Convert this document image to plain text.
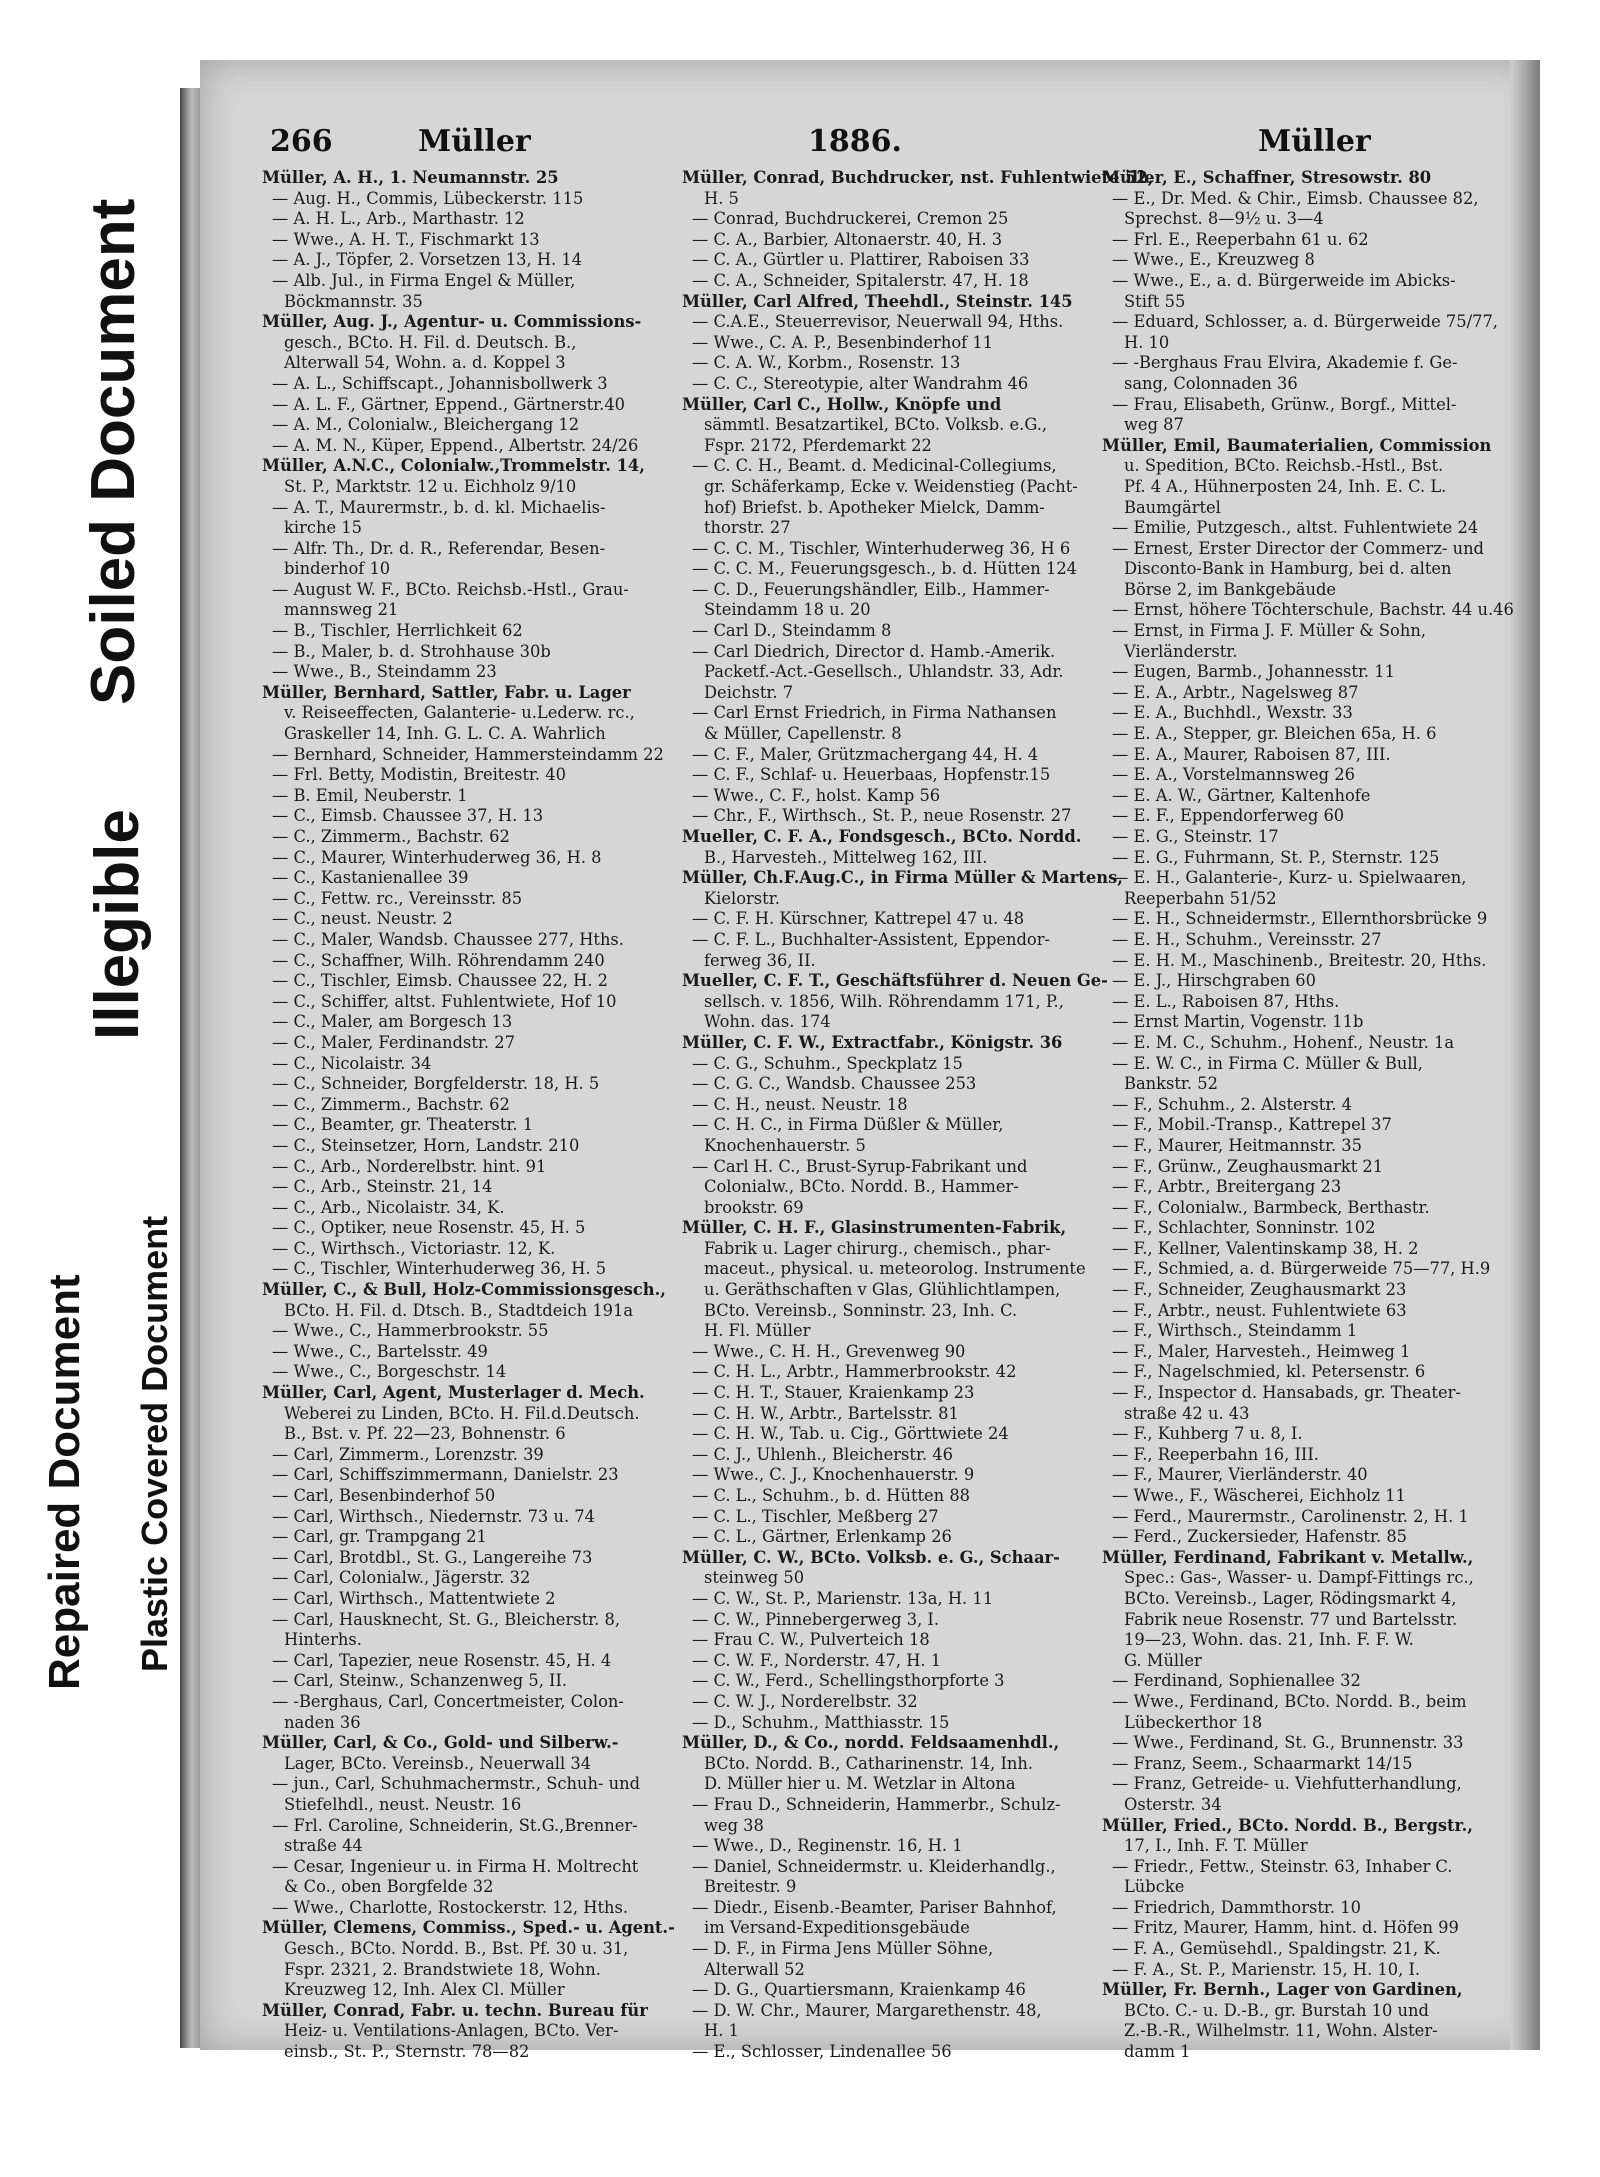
Soiled Document
Illegible
Repaired Document Plastic Covered Document
266	Müller	1886.	Müller
Müller, A. H., 1. Neumannstr. 25
— Aug. H., Commis, Lübeckerstr. 115
— A. H. L., Arb., Marthastr. 12
— Wwe., A. H. T., Fischmarkt 13
— A. J., Töpfer, 2. Vorsetzen 13, H. 14
— Alb. Jul., in Firma Engel & Müller,
Böckmannstr. 35
Müller, Aug. J., Agentur- u. Commissions-
gesch., BCto. H. Fil. d. Deutsch. B.,
Alterwall 54, Wohn. a. d. Koppel 3
— A. L., Schiffscapt., Johannisbollwerk 3
— A. L. F., Gärtner, Eppend., Gärtnerstr.40
— A. M., Colonialw., Bleichergang 12
— A. M. N., Küper, Eppend., Albertstr. 24/26
Müller, A.N.C., Colonialw.,Trommelstr. 14,
St. P., Marktstr. 12 u. Eichholz 9/10
— A. T., Maurermstr., b. d. kl. Michaelis-
kirche 15
— Alfr. Th., Dr. d. R., Referendar, Besen-
binderhof 10
— August W. F., BCto. Reichsb.-Hstl., Grau-
mannsweg 21
— B., Tischler, Herrlichkeit 62
— B., Maler, b. d. Strohhause 30b
— Wwe., B., Steindamm 23
Müller, Bernhard, Sattler, Fabr. u. Lager
v. Reiseeffecten, Galanterie- u.Lederw. rc.,
Graskeller 14, Inh. G. L. C. A. Wahrlich
— Bernhard, Schneider, Hammersteindamm 22
— Frl. Betty, Modistin, Breitestr. 40
— B. Emil, Neuberstr. 1
— C., Eimsb. Chaussee 37, H. 13
— C., Zimmerm., Bachstr. 62
— C., Maurer, Winterhuderweg 36, H. 8
— C., Kastanienallee 39
— C., Fettw. rc., Vereinsstr. 85
— C., neust. Neustr. 2
— C., Maler, Wandsb. Chaussee 277, Hths.
— C., Schaffner, Wilh. Röhrendamm 240
— C., Tischler, Eimsb. Chaussee 22, H. 2
— C., Schiffer, altst. Fuhlentwiete, Hof 10
— C., Maler, am Borgesch 13
— C., Maler, Ferdinandstr. 27
— C., Nicolaistr. 34
— C., Schneider, Borgfelderstr. 18, H. 5
— C., Zimmerm., Bachstr. 62
— C., Beamter, gr. Theaterstr. 1
— C., Steinsetzer, Horn, Landstr. 210
— C., Arb., Norderelbstr. hint. 91
— C., Arb., Steinstr. 21, 14
— C., Arb., Nicolaistr. 34, K.
— C., Optiker, neue Rosenstr. 45, H. 5
— C., Wirthsch., Victoriastr. 12, K.
— C., Tischler, Winterhuderweg 36, H. 5
Müller, C., & Bull, Holz-Commissionsgesch.,
BCto. H. Fil. d. Dtsch. B., Stadtdeich 191a
— Wwe., C., Hammerbrookstr. 55
— Wwe., C., Bartelsstr. 49
— Wwe., C., Borgeschstr. 14
Müller, Carl, Agent, Musterlager d. Mech.
Weberei zu Linden, BCto. H. Fil.d.Deutsch.
B., Bst. v. Pf. 22—23, Bohnenstr. 6
— Carl, Zimmerm., Lorenzstr. 39
— Carl, Schiffszimmermann, Danielstr. 23
— Carl, Besenbinderhof 50
— Carl, Wirthsch., Niedernstr. 73 u. 74
— Carl, gr. Trampgang 21
— Carl, Brotdbl., St. G., Langereihe 73
— Carl, Colonialw., Jägerstr. 32
— Carl, Wirthsch., Mattentwiete 2
— Carl, Hausknecht, St. G., Bleicherstr. 8,
Hinterhs.
— Carl, Tapezier, neue Rosenstr. 45, H. 4
— Carl, Steinw., Schanzenweg 5, II.
— -Berghaus, Carl, Concertmeister, Colon-
naden 36
Müller, Carl, & Co., Gold- und Silberw.-
Lager, BCto. Vereinsb., Neuerwall 34
— jun., Carl, Schuhmachermstr., Schuh- und
Stiefelhdl., neust. Neustr. 16
— Frl. Caroline, Schneiderin, St.G.,Brenner-
straße 44
— Cesar, Ingenieur u. in Firma H. Moltrecht
& Co., oben Borgfelde 32
— Wwe., Charlotte, Rostockerstr. 12, Hths.
Müller, Clemens, Commiss., Sped.- u. Agent.-
Gesch., BCto. Nordd. B., Bst. Pf. 30 u. 31,
Fspr. 2321, 2. Brandstwiete 18, Wohn.
Kreuzweg 12, Inh. Alex Cl. Müller
Müller, Conrad, Fabr. u. techn. Bureau für
Heiz- u. Ventilations-Anlagen, BCto. Ver-
einsb., St. P., Sternstr. 78—82
Müller, Conrad, Buchdrucker, nst. Fuhlentwiete 52,
H. 5
— Conrad, Buchdruckerei, Cremon 25
— C. A., Barbier, Altonaerstr. 40, H. 3
— C. A., Gürtler u. Plattirer, Raboisen 33
— C. A., Schneider, Spitalerstr. 47, H. 18
Müller, Carl Alfred, Theehdl., Steinstr. 145
— C.A.E., Steuerrevisor, Neuerwall 94, Hths.
— Wwe., C. A. P., Besenbinderhof 11
— C. A. W., Korbm., Rosenstr. 13
— C. C., Stereotypie, alter Wandrahm 46
Müller, Carl C., Hollw., Knöpfe und
sämmtl. Besatzartikel, BCto. Volksb. e.G.,
Fspr. 2172, Pferdemarkt 22
— C. C. H., Beamt. d. Medicinal-Collegiums,
gr. Schäferkamp, Ecke v. Weidenstieg (Pacht-
hof) Briefst. b. Apotheker Mielck, Damm-
thorstr. 27
— C. C. M., Tischler, Winterhuderweg 36, H 6
— C. C. M., Feuerungsgesch., b. d. Hütten 124
— C. D., Feuerungshändler, Eilb., Hammer-
Steindamm 18 u. 20
— Carl D., Steindamm 8
— Carl Diedrich, Director d. Hamb.-Amerik.
Packetf.-Act.-Gesellsch., Uhlandstr. 33, Adr.
Deichstr. 7
— Carl Ernst Friedrich, in Firma Nathansen
& Müller, Capellenstr. 8
— C. F., Maler, Grützmachergang 44, H. 4
— C. F., Schlaf- u. Heuerbaas, Hopfenstr.15
— Wwe., C. F., holst. Kamp 56
— Chr., F., Wirthsch., St. P., neue Rosenstr. 27
Mueller, C. F. A., Fondsgesch., BCto. Nordd.
B., Harvesteh., Mittelweg 162, III.
Müller, Ch.F.Aug.C., in Firma Müller & Martens,
Kielorstr.
— C. F. H. Kürschner, Kattrepel 47 u. 48
— C. F. L., Buchhalter-Assistent, Eppendor-
ferweg 36, II.
Mueller, C. F. T., Geschäftsführer d. Neuen Ge-
sellsch. v. 1856, Wilh. Röhrendamm 171, P.,
Wohn. das. 174
Müller, C. F. W., Extractfabr., Königstr. 36
— C. G., Schuhm., Speckplatz 15
— C. G. C., Wandsb. Chaussee 253
— C. H., neust. Neustr. 18
— C. H. C., in Firma Düßler & Müller,
Knochenhauerstr. 5
— Carl H. C., Brust-Syrup-Fabrikant und
Colonialw., BCto. Nordd. B., Hammer-
brookstr. 69
Müller, C. H. F., Glasinstrumenten-Fabrik,
Fabrik u. Lager chirurg., chemisch., phar-
maceut., physical. u. meteorolog. Instrumente
u. Geräthschaften v Glas, Glühlichtlampen,
BCto. Vereinsb., Sonninstr. 23, Inh. C.
H. Fl. Müller
— Wwe., C. H. H., Grevenweg 90
— C. H. L., Arbtr., Hammerbrookstr. 42
— C. H. T., Stauer, Kraienkamp 23
— C. H. W., Arbtr., Bartelsstr. 81
— C. H. W., Tab. u. Cig., Görttwiete 24
— C. J., Uhlenh., Bleicherstr. 46
— Wwe., C. J., Knochenhauerstr. 9
— C. L., Schuhm., b. d. Hütten 88
— C. L., Tischler, Meßberg 27
— C. L., Gärtner, Erlenkamp 26
Müller, C. W., BCto. Volksb. e. G., Schaar-
steinweg 50
— C. W., St. P., Marienstr. 13a, H. 11
— C. W., Pinnebergerweg 3, I.
— Frau C. W., Pulverteich 18
— C. W. F., Norderstr. 47, H. 1
— C. W., Ferd., Schellingsthorpforte 3
— C. W. J., Norderelbstr. 32
— D., Schuhm., Matthiasstr. 15
Müller, D., & Co., nordd. Feldsaamenhdl.,
BCto. Nordd. B., Catharinenstr. 14, Inh.
D. Müller hier u. M. Wetzlar in Altona
— Frau D., Schneiderin, Hammerbr., Schulz-
weg 38
— Wwe., D., Reginenstr. 16, H. 1
— Daniel, Schneidermstr. u. Kleiderhandlg.,
Breitestr. 9
— Diedr., Eisenb.-Beamter, Pariser Bahnhof,
im Versand-Expeditionsgebäude
— D. F., in Firma Jens Müller Söhne,
Alterwall 52
— D. G., Quartiersmann, Kraienkamp 46
— D. W. Chr., Maurer, Margarethenstr. 48,
H. 1
— E., Schlosser, Lindenallee 56
Müller, E., Schaffner, Stresowstr. 80
— E., Dr. Med. & Chir., Eimsb. Chaussee 82,
Sprechst. 8—9½ u. 3—4
— Frl. E., Reeperbahn 61 u. 62
— Wwe., E., Kreuzweg 8
— Wwe., E., a. d. Bürgerweide im Abicks-
Stift 55
— Eduard, Schlosser, a. d. Bürgerweide 75/77,
H. 10
— -Berghaus Frau Elvira, Akademie f. Ge-
sang, Colonnaden 36
— Frau, Elisabeth, Grünw., Borgf., Mittel-
weg 87
Müller, Emil, Baumaterialien, Commission
u. Spedition, BCto. Reichsb.-Hstl., Bst.
Pf. 4 A., Hühnerposten 24, Inh. E. C. L.
Baumgärtel
— Emilie, Putzgesch., altst. Fuhlentwiete 24
— Ernest, Erster Director der Commerz- und
Disconto-Bank in Hamburg, bei d. alten
Börse 2, im Bankgebäude
— Ernst, höhere Töchterschule, Bachstr. 44 u.46
— Ernst, in Firma J. F. Müller & Sohn,
Vierländerstr.
— Eugen, Barmb., Johannesstr. 11
— E. A., Arbtr., Nagelsweg 87
— E. A., Buchhdl., Wexstr. 33
— E. A., Stepper, gr. Bleichen 65a, H. 6
— E. A., Maurer, Raboisen 87, III.
— E. A., Vorstelmannsweg 26
— E. A. W., Gärtner, Kaltenhofe
— E. F., Eppendorferweg 60
— E. G., Steinstr. 17
— E. G., Fuhrmann, St. P., Sternstr. 125
— E. H., Galanterie-, Kurz- u. Spielwaaren,
Reeperbahn 51/52
— E. H., Schneidermstr., Ellernthorsbrücke 9
— E. H., Schuhm., Vereinsstr. 27
— E. H. M., Maschinenb., Breitestr. 20, Hths.
— E. J., Hirschgraben 60
— E. L., Raboisen 87, Hths.
— Ernst Martin, Vogenstr. 11b
— E. M. C., Schuhm., Hohenf., Neustr. 1a
— E. W. C., in Firma C. Müller & Bull,
Bankstr. 52
— F., Schuhm., 2. Alsterstr. 4
— F., Mobil.-Transp., Kattrepel 37
— F., Maurer, Heitmannstr. 35
— F., Grünw., Zeughausmarkt 21
— F., Arbtr., Breitergang 23
— F., Colonialw., Barmbeck, Berthastr.
— F., Schlachter, Sonninstr. 102
— F., Kellner, Valentinskamp 38, H. 2
— F., Schmied, a. d. Bürgerweide 75—77, H.9
— F., Schneider, Zeughausmarkt 23
— F., Arbtr., neust. Fuhlentwiete 63
— F., Wirthsch., Steindamm 1
— F., Maler, Harvesteh., Heimweg 1
— F., Nagelschmied, kl. Petersenstr. 6
— F., Inspector d. Hansabads, gr. Theater-
straße 42 u. 43
— F., Kuhberg 7 u. 8, I.
— F., Reeperbahn 16, III.
— F., Maurer, Vierländerstr. 40
— Wwe., F., Wäscherei, Eichholz 11
— Ferd., Maurermstr., Carolinenstr. 2, H. 1
— Ferd., Zuckersieder, Hafenstr. 85
Müller, Ferdinand, Fabrikant v. Metallw.,
Spec.: Gas-, Wasser- u. Dampf-Fittings rc.,
BCto. Vereinsb., Lager, Rödingsmarkt 4,
Fabrik neue Rosenstr. 77 und Bartelsstr.
19—23, Wohn. das. 21, Inh. F. F. W.
G. Müller
— Ferdinand, Sophienallee 32
— Wwe., Ferdinand, BCto. Nordd. B., beim
Lübeckerthor 18
— Wwe., Ferdinand, St. G., Brunnenstr. 33
— Franz, Seem., Schaarmarkt 14/15
— Franz, Getreide- u. Viehfutterhandlung,
Osterstr. 34
Müller, Fried., BCto. Nordd. B., Bergstr.,
17, I., Inh. F. T. Müller
— Friedr., Fettw., Steinstr. 63, Inhaber C.
Lübcke
— Friedrich, Dammthorstr. 10
— Fritz, Maurer, Hamm, hint. d. Höfen 99
— F. A., Gemüsehdl., Spaldingstr. 21, K.
— F. A., St. P., Marienstr. 15, H. 10, I.
Müller, Fr. Bernh., Lager von Gardinen,
BCto. C.- u. D.-B., gr. Burstah 10 und
Z.-B.-R., Wilhelmstr. 11, Wohn. Alster-
damm 1
